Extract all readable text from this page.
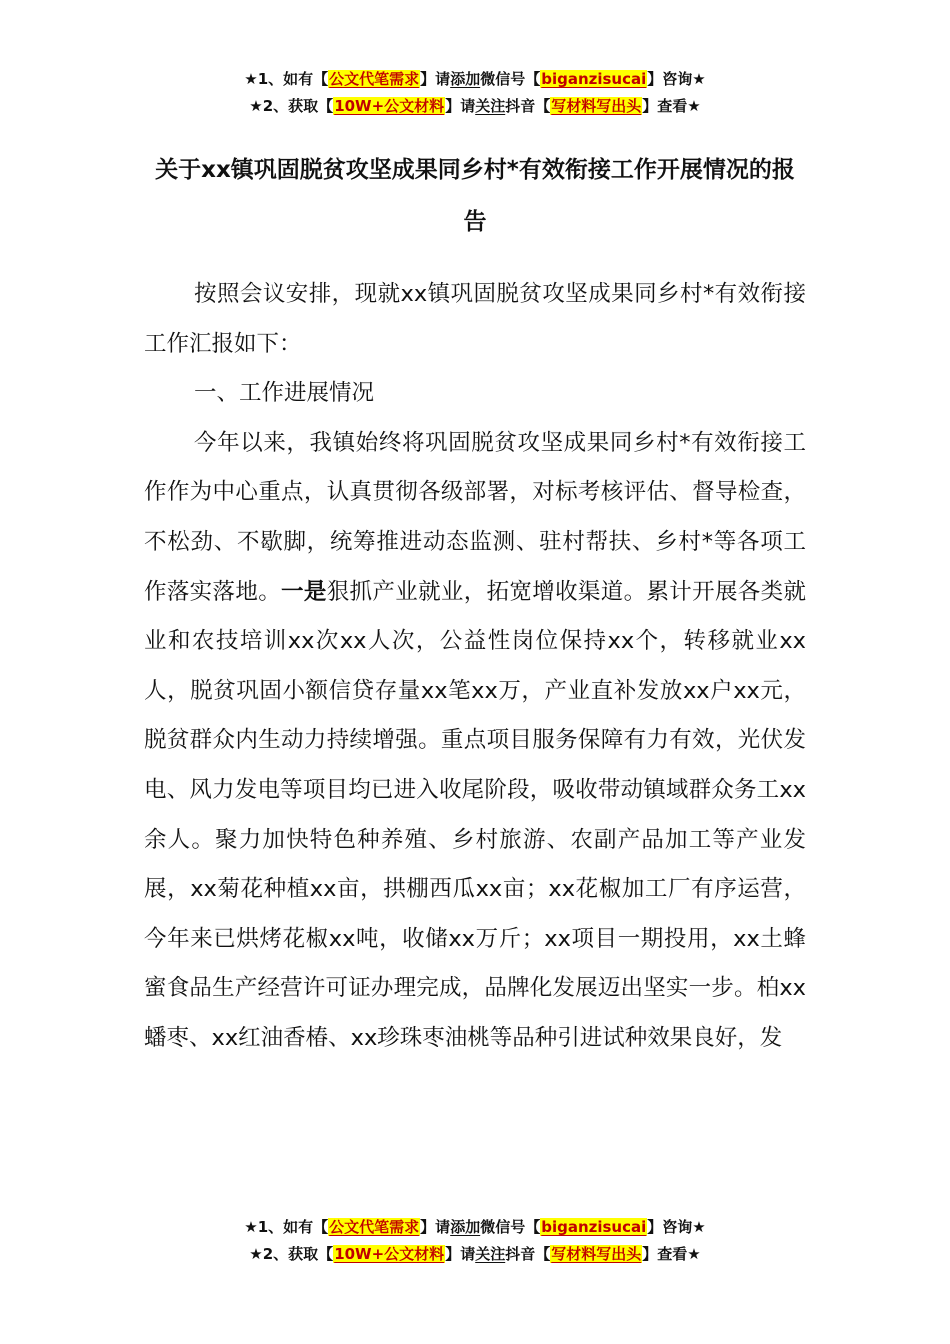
★1、如有【公文代笔需求】请添加微信号【biganzisucai】咨询★
★2、获取【10W+公文材料】请关注抖音【写材料写出头】查看★
关于xx镇巩固脱贫攻坚成果同乡村*有效衔接工作开展情况的报告

按照会议安排，现就xx镇巩固脱贫攻坚成果同乡村*有效衔接工作汇报如下：

一、工作进展情况

今年以来，我镇始终将巩固脱贫攻坚成果同乡村*有效衔接工作作为中心重点，认真贯彻各级部署，对标考核评估、督导检查，不松劲、不歇脚，统筹推进动态监测、驻村帮扶、乡村*等各项工作落实落地。一是狠抓产业就业，拓宽增收渠道。累计开展各类就业和农技培训xx次xx人次，公益性岗位保持xx个，转移就业xx人，脱贫巩固小额信贷存量xx笔xx万，产业直补发放xx户xx元，脱贫群众内生动力持续增强。重点项目服务保障有力有效，光伏发电、风力发电等项目均已进入收尾阶段，吸收带动镇域群众务工xx余人。聚力加快特色种养殖、乡村旅游、农副产品加工等产业发展，xx菊花种植xx亩，拱棚西瓜xx亩；xx花椒加工厂有序运营，今年来已烘烤花椒xx吨，收储xx万斤；xx项目一期投用，xx土蜂蜜食品生产经营许可证办理完成，品牌化发展迈出坚实一步。柏xx蟠枣、xx红油香椿、xx珍珠枣油桃等品种引进试种效果良好，发

★1、如有【公文代笔需求】请添加微信号【biganzisucai】咨询★
★2、获取【10W+公文材料】请关注抖音【写材料写出头】查看★
